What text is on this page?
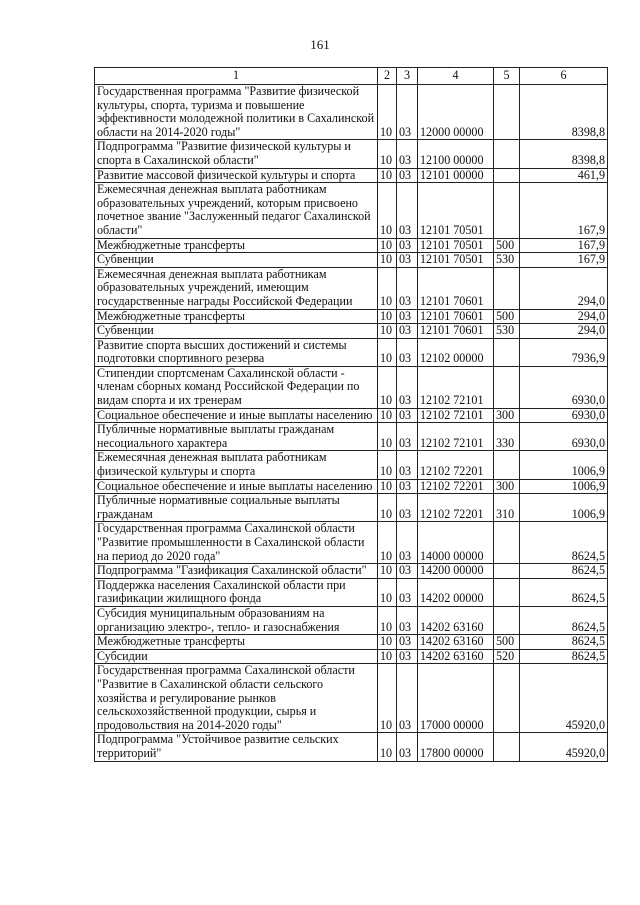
161
1	2	3	4	5	6
Государственная программа "Развитие физической культуры, спорта, туризма и повышение эффективности молодежной политики в Сахалинской области на 2014-2020 годы"	10	03	12000 00000		8398,8
Подпрограмма "Развитие физической культуры и спорта в Сахалинской области"	10	03	12100 00000		8398,8
Развитие массовой физической культуры и спорта	10	03	12101 00000		461,9
Ежемесячная денежная выплата работникам образовательных учреждений, которым присвоено почетное звание "Заслуженный педагог Сахалинской области"	10	03	12101 70501		167,9
Межбюджетные трансферты	10	03	12101 70501	500	167,9
Субвенции	10	03	12101 70501	530	167,9
Ежемесячная денежная выплата работникам образовательных учреждений, имеющим государственные награды Российской Федерации	10	03	12101 70601		294,0
Межбюджетные трансферты	10	03	12101 70601	500	294,0
Субвенции	10	03	12101 70601	530	294,0
Развитие спорта высших достижений и системы подготовки спортивного резерва	10	03	12102 00000		7936,9
Стипендии спортсменам Сахалинской области - членам сборных команд Российской Федерации по видам спорта и их тренерам	10	03	12102 72101		6930,0
Социальное обеспечение и иные выплаты населению	10	03	12102 72101	300	6930,0
Публичные нормативные выплаты гражданам несоциального характера	10	03	12102 72101	330	6930,0
Ежемесячная денежная выплата работникам физической культуры и спорта	10	03	12102 72201		1006,9
Социальное обеспечение и иные выплаты населению	10	03	12102 72201	300	1006,9
Публичные нормативные социальные выплаты гражданам	10	03	12102 72201	310	1006,9
Государственная программа Сахалинской области "Развитие промышленности в Сахалинской области на период до 2020 года"	10	03	14000 00000		8624,5
Подпрограмма "Газификация Сахалинской области"	10	03	14200 00000		8624,5
Поддержка населения Сахалинской области при газификации жилищного фонда	10	03	14202 00000		8624,5
Субсидия муниципальным образованиям на организацию электро-, тепло- и газоснабжения	10	03	14202 63160		8624,5
Межбюджетные трансферты	10	03	14202 63160	500	8624,5
Субсидии	10	03	14202 63160	520	8624,5
Государственная программа Сахалинской области "Развитие в Сахалинской области сельского хозяйства и регулирование рынков сельскохозяйственной продукции, сырья и продовольствия на 2014-2020 годы"	10	03	17000 00000		45920,0
Подпрограмма "Устойчивое развитие сельских территорий"	10	03	17800 00000		45920,0
